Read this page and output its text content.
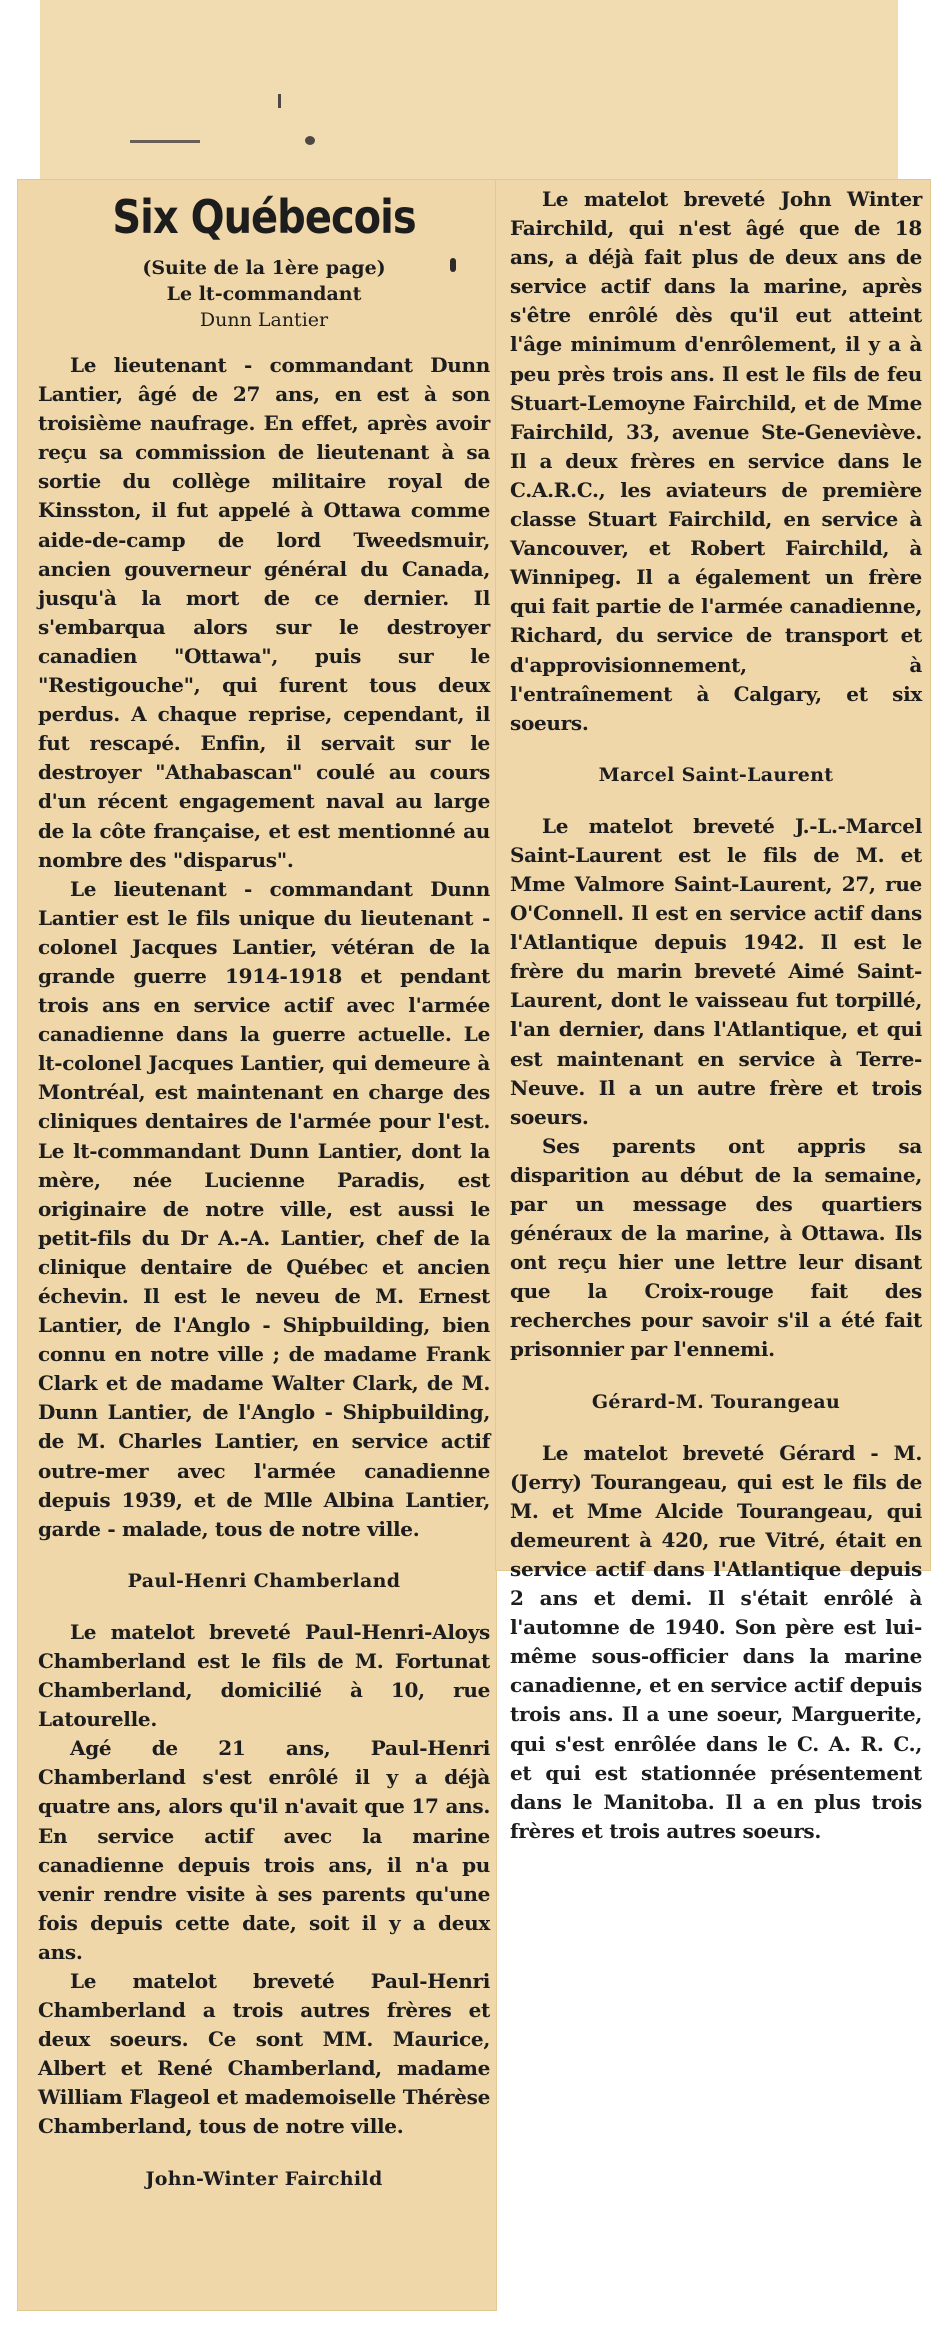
Six Québecois

(Suite de la 1ère page)

Le lt-commandant

Dunn Lantier

Le lieutenant - commandant Dunn Lantier, âgé de 27 ans, en est à son troisième naufrage. En effet, après avoir reçu sa commission de lieutenant à sa sortie du collège militaire royal de Kinsston, il fut appelé à Ottawa comme aide-de-camp de lord Tweedsmuir, ancien gouverneur général du Canada, jusqu'à la mort de ce dernier. Il s'embarqua alors sur le destroyer canadien "Ottawa", puis sur le "Restigouche", qui furent tous deux perdus. A chaque reprise, cependant, il fut rescapé. Enfin, il servait sur le destroyer "Athabascan" coulé au cours d'un récent engagement naval au large de la côte française, et est mentionné au nombre des "disparus".

Le lieutenant - commandant Dunn Lantier est le fils unique du lieutenant - colonel Jacques Lantier, vétéran de la grande guerre 1914-1918 et pendant trois ans en service actif avec l'armée canadienne dans la guerre actuelle. Le lt-colonel Jacques Lantier, qui demeure à Montréal, est maintenant en charge des cliniques dentaires de l'armée pour l'est. Le lt-commandant Dunn Lantier, dont la mère, née Lucienne Paradis, est originaire de notre ville, est aussi le petit-fils du Dr A.-A. Lantier, chef de la clinique dentaire de Québec et ancien échevin. Il est le neveu de M. Ernest Lantier, de l'Anglo - Shipbuilding, bien connu en notre ville ; de madame Frank Clark et de madame Walter Clark, de M. Dunn Lantier, de l'Anglo - Shipbuilding, de M. Charles Lantier, en service actif outre-mer avec l'armée canadienne depuis 1939, et de Mlle Albina Lantier, garde - malade, tous de notre ville.

Paul-Henri Chamberland

Le matelot breveté Paul-Henri-Aloys Chamberland est le fils de M. Fortunat Chamberland, domicilié à 10, rue Latourelle.

Agé de 21 ans, Paul-Henri Chamberland s'est enrôlé il y a déjà quatre ans, alors qu'il n'avait que 17 ans. En service actif avec la marine canadienne depuis trois ans, il n'a pu venir rendre visite à ses parents qu'une fois depuis cette date, soit il y a deux ans.

Le matelot breveté Paul-Henri Chamberland a trois autres frères et deux soeurs. Ce sont MM. Maurice, Albert et René Chamberland, madame William Flageol et mademoiselle Thérèse Chamberland, tous de notre ville.

John-Winter Fairchild

Le matelot breveté John Winter Fairchild, qui n'est âgé que de 18 ans, a déjà fait plus de deux ans de service actif dans la marine, après s'être enrôlé dès qu'il eut atteint l'âge minimum d'enrôlement, il y a à peu près trois ans. Il est le fils de feu Stuart-Lemoyne Fairchild, et de Mme Fairchild, 33, avenue Ste-Geneviève. Il a deux frères en service dans le C.A.R.C., les aviateurs de première classe Stuart Fairchild, en service à Vancouver, et Robert Fairchild, à Winnipeg. Il a également un frère qui fait partie de l'armée canadienne, Richard, du service de transport et d'approvisionnement, à l'entraînement à Calgary, et six soeurs.

Marcel Saint-Laurent

Le matelot breveté J.-L.-Marcel Saint-Laurent est le fils de M. et Mme Valmore Saint-Laurent, 27, rue O'Connell. Il est en service actif dans l'Atlantique depuis 1942. Il est le frère du marin breveté Aimé Saint-Laurent, dont le vaisseau fut torpillé, l'an dernier, dans l'Atlantique, et qui est maintenant en service à Terre-Neuve. Il a un autre frère et trois soeurs.

Ses parents ont appris sa disparition au début de la semaine, par un message des quartiers généraux de la marine, à Ottawa. Ils ont reçu hier une lettre leur disant que la Croix-rouge fait des recherches pour savoir s'il a été fait prisonnier par l'ennemi.

Gérard-M. Tourangeau

Le matelot breveté Gérard - M. (Jerry) Tourangeau, qui est le fils de M. et Mme Alcide Tourangeau, qui demeurent à 420, rue Vitré, était en service actif dans l'Atlantique depuis 2 ans et demi. Il s'était enrôlé à l'automne de 1940. Son père est lui-même sous-officier dans la marine canadienne, et en service actif depuis trois ans. Il a une soeur, Marguerite, qui s'est enrôlée dans le C. A. R. C., et qui est stationnée présentement dans le Manitoba. Il a en plus trois frères et trois autres soeurs.
